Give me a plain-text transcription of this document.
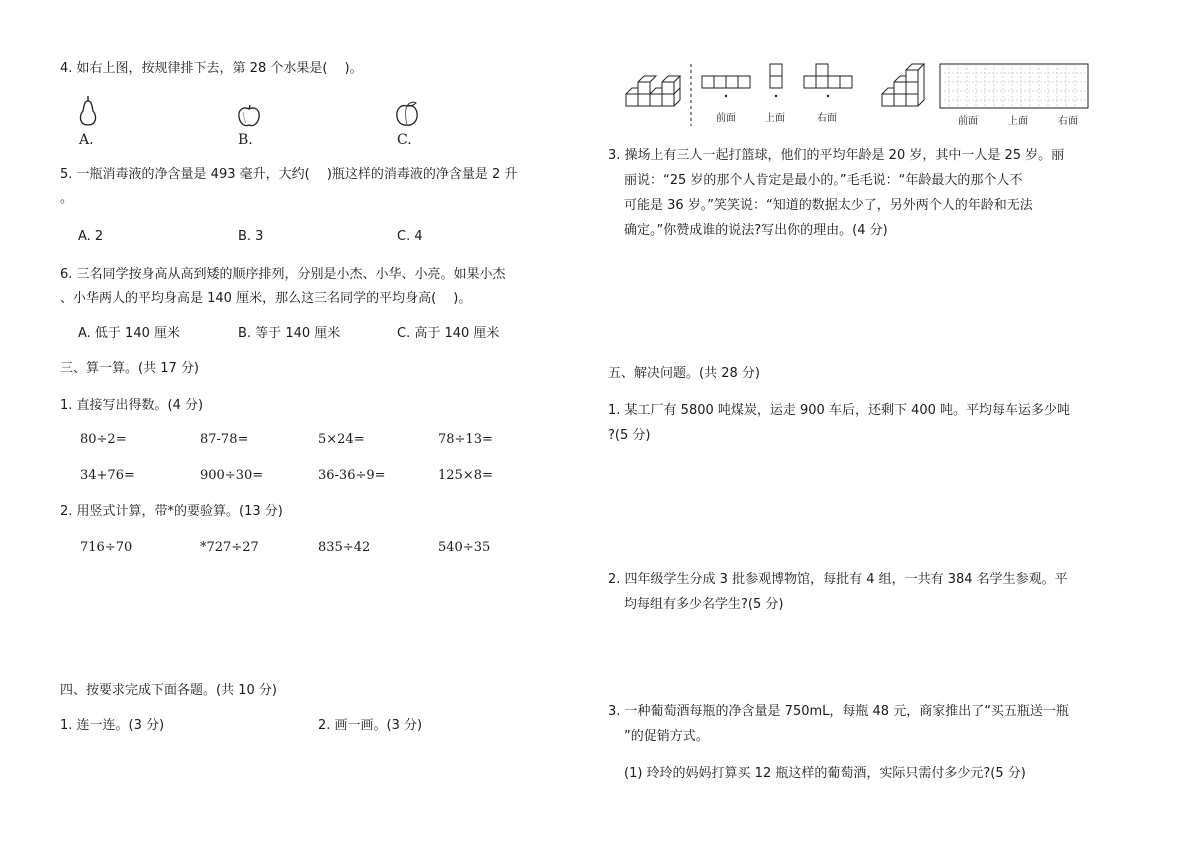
4. 如右上图，按规律排下去，第 28 个水果是(　 )。
A.	B.	C.
5. 一瓶消毒液的净含量是 493 毫升，大约(　 )瓶这样的消毒液的净含量是 2 升
。
A. 2	B. 3	C. 4
6. 三名同学按身高从高到矮的顺序排列，分别是小杰、小华、小亮。如果小杰
、小华两人的平均身高是 140 厘米，那么这三名同学的平均身高(　 )。
A. 低于 140 厘米	B. 等于 140 厘米	C. 高于 140 厘米
三、算一算。(共 17 分)
1. 直接写出得数。(4 分)
80÷2=	87-78=	5×24=	78÷13=
34+76=	900÷30=	36-36÷9=	125×8=
2. 用竖式计算，带*的要验算。(13 分)
716÷70	*727÷27	835÷42	540÷35
四、按要求完成下面各题。(共 10 分)
1. 连一连。(3 分)	2. 画一画。(3 分)
前面	上面	右面	前面	上面	右面
3. 操场上有三人一起打篮球，他们的平均年龄是 20 岁，其中一人是 25 岁。丽
丽说：“25 岁的那个人肯定是最小的。”毛毛说：“年龄最大的那个人不
可能是 36 岁。”笑笑说：“知道的数据太少了，另外两个人的年龄和无法
确定。”你赞成谁的说法?写出你的理由。(4 分)
五、解决问题。(共 28 分)
1. 某工厂有 5800 吨煤炭，运走 900 车后，还剩下 400 吨。平均每车运多少吨
?(5 分)
2. 四年级学生分成 3 批参观博物馆，每批有 4 组，一共有 384 名学生参观。平
均每组有多少名学生?(5 分)
3. 一种葡萄酒每瓶的净含量是 750mL，每瓶 48 元，商家推出了“买五瓶送一瓶
”的促销方式。
(1) 玲玲的妈妈打算买 12 瓶这样的葡萄酒，实际只需付多少元?(5 分)
